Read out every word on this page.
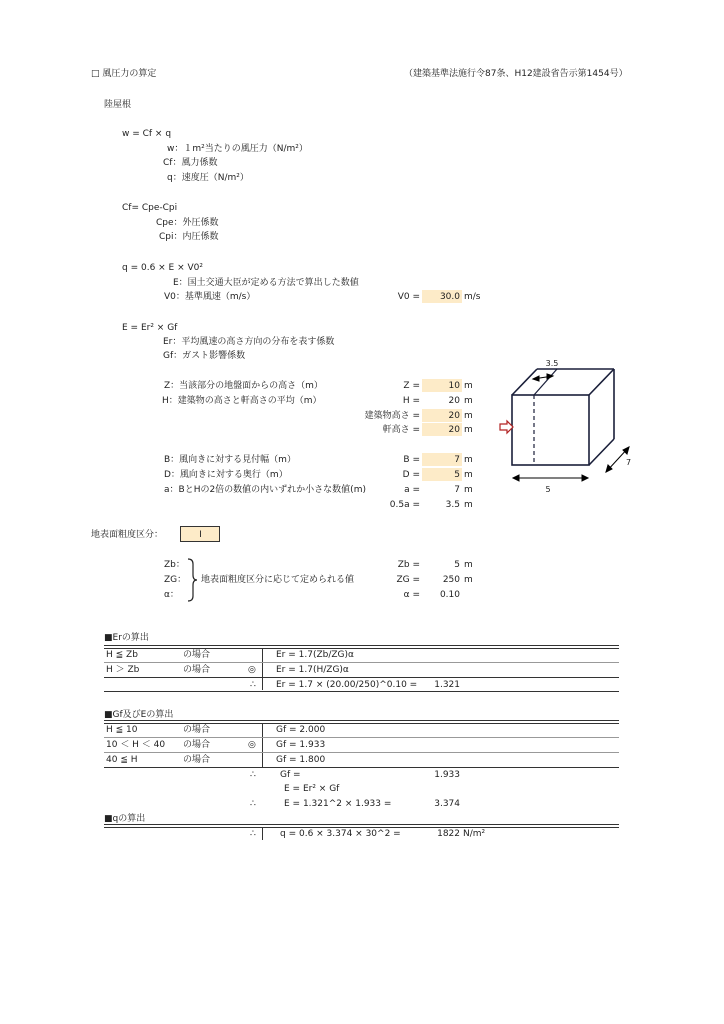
□ 風圧力の算定	（建築基準法施行令87条、H12建設省告示第1454号）
陸屋根
w = Cf × q
w：１m²当たりの風圧力（N/m²）
Cf：風力係数
q：速度圧（N/m²）
Cf= Cpe-Cpi
Cpe：外圧係数
Cpi：内圧係数
q = 0.6 × E × V0²
E：国土交通大臣が定める方法で算出した数値
V0：基準風速（m/s）	V0 =	30.0 m/s
E = Er² × Gf
Er：平均風速の高さ方向の分布を表す係数
Gf：ガスト影響係数
Z：当該部分の地盤面からの高さ（m）
H：建築物の高さと軒高さの平均（m）
Z =	10 m
H =	20 m
建築物高さ =	20 m
軒高さ =	20 m
B：風向きに対する見付幅（m）
D：風向きに対する奥行（m）
a：BとHの2倍の数値の内いずれか小さな数値(m)
B =	7 m
D =	5 m
a =	7 m
0.5a =	3.5 m
3.5
7
5
地表面粗度区分：	Ⅰ
Zb：
ZG：
α：
地表面粗度区分に応じて定められる値
Zb =	5 m
ZG =	250 m
α =	0.10
■Erの算出
H ≦ Zb	の場合	Er = 1.7(Zb/ZG)α
H ＞ Zb	の場合	◎ Er = 1.7(H/ZG)α
∴ Er = 1.7 × (20.00/250)^0.10 =	1.321
■Gf及びEの算出
H ≦ 10	の場合	Gf = 2.000
10 ＜ H ＜ 40 の場合	◎ Gf = 1.933
40 ≦ H	の場合	Gf = 1.800
∴	Gf =	1.933
E = Er² × Gf
∴	E = 1.321^2 × 1.933 =	3.374
■qの算出
∴	q = 0.6 × 3.374 × 30^2 =	1822 N/m²
